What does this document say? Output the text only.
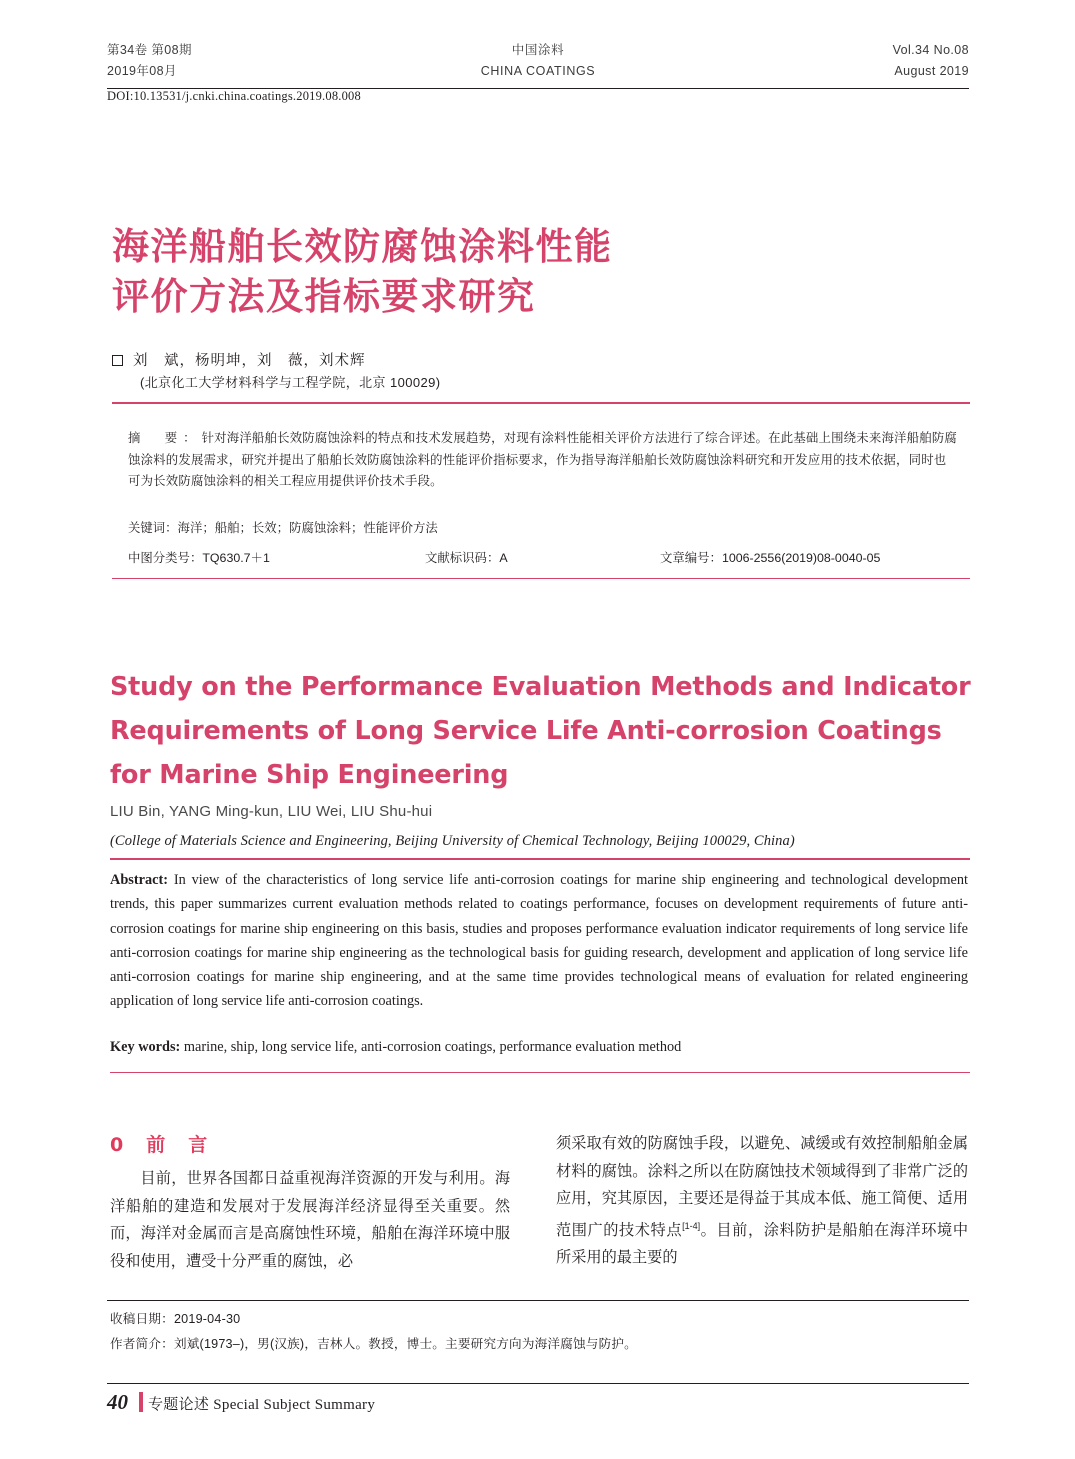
第34卷 第08期
2019年08月
中国涂料
CHINA COATINGS
Vol.34 No.08
August 2019
DOI:10.13531/j.cnki.china.coatings.2019.08.008
海洋船舶长效防腐蚀涂料性能
评价方法及指标要求研究
刘　斌，杨明坤，刘　薇，刘术辉
(北京化工大学材料科学与工程学院，北京 100029)
摘　要：针对海洋船舶长效防腐蚀涂料的特点和技术发展趋势，对现有涂料性能相关评价方法进行了综合评述。在此基础上围绕未来海洋船舶防腐蚀涂料的发展需求，研究并提出了船舶长效防腐蚀涂料的性能评价指标要求，作为指导海洋船舶长效防腐蚀涂料研究和开发应用的技术依据，同时也可为长效防腐蚀涂料的相关工程应用提供评价技术手段。
关键词：海洋；船舶；长效；防腐蚀涂料；性能评价方法
中图分类号：TQ630.7＋1	文献标识码：A	文章编号：1006-2556(2019)08-0040-05
Study on the Performance Evaluation Methods and Indicator
Requirements of Long Service Life Anti-corrosion Coatings
for Marine Ship Engineering
LIU Bin, YANG Ming-kun, LIU Wei, LIU Shu-hui
(College of Materials Science and Engineering, Beijing University of Chemical Technology, Beijing 100029, China)
Abstract: In view of the characteristics of long service life anti-corrosion coatings for marine ship engineering and technological development trends, this paper summarizes current evaluation methods related to coatings performance, focuses on development requirements of future anti-corrosion coatings for marine ship engineering on this basis, studies and proposes performance evaluation indicator requirements of long service life anti-corrosion coatings for marine ship engineering as the technological basis for guiding research, development and application of long service life anti-corrosion coatings for marine ship engineering, and at the same time provides technological means of evaluation for related engineering application of long service life anti-corrosion coatings.
Key words: marine, ship, long service life, anti-corrosion coatings, performance evaluation method
0　前　言
目前，世界各国都日益重视海洋资源的开发与利用。海洋船舶的建造和发展对于发展海洋经济显得至关重要。然而，海洋对金属而言是高腐蚀性环境，船舶在海洋环境中服役和使用，遭受十分严重的腐蚀，必
须采取有效的防腐蚀手段，以避免、减缓或有效控制船舶金属材料的腐蚀。涂料之所以在防腐蚀技术领域得到了非常广泛的应用，究其原因，主要还是得益于其成本低、施工简便、适用范围广的技术特点[1-4]。目前，涂料防护是船舶在海洋环境中所采用的最主要的
收稿日期：2019-04-30
作者简介：刘斌(1973–)，男(汉族)，吉林人。教授，博士。主要研究方向为海洋腐蚀与防护。
40 专题论述 Special Subject Summary
